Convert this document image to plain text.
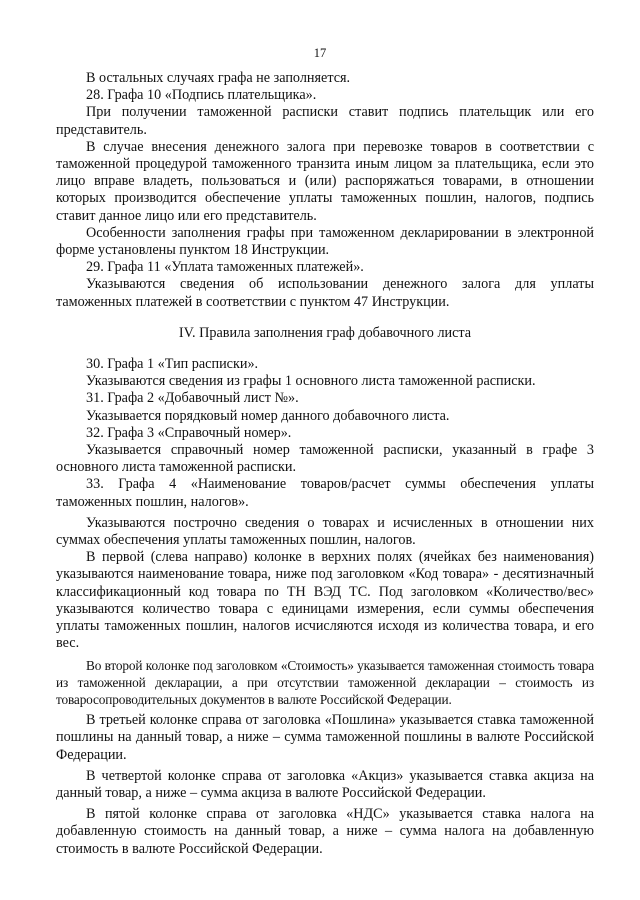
17

В остальных случаях графа не заполняется.

28. Графа 10 «Подпись плательщика».

При получении таможенной расписки ставит подпись плательщик или его представитель.

В случае внесения денежного залога при перевозке товаров в соответствии с таможенной процедурой таможенного транзита иным лицом за плательщика, если это лицо вправе владеть, пользоваться и (или) распоряжаться товарами, в отношении которых производится обеспечение уплаты таможенных пошлин, налогов, подпись ставит данное лицо или его представитель.

Особенности заполнения графы при таможенном декларировании в электронной форме установлены пунктом 18 Инструкции.

29. Графа 11 «Уплата таможенных платежей».

Указываются сведения об использовании денежного залога для уплаты таможенных платежей в соответствии с пунктом 47 Инструкции.

IV. Правила заполнения граф добавочного листа

30. Графа 1 «Тип расписки».

Указываются сведения из графы 1 основного листа таможенной расписки.

31. Графа 2 «Добавочный лист №».

Указывается порядковый номер данного добавочного листа.

32. Графа 3 «Справочный номер».

Указывается справочный номер таможенной расписки, указанный в графе 3 основного листа таможенной расписки.

33. Графа 4 «Наименование товаров/расчет суммы обеспечения уплаты таможенных пошлин, налогов».

Указываются построчно сведения о товарах и исчисленных в отношении них суммах обеспечения уплаты таможенных пошлин, налогов.

В первой (слева направо) колонке в верхних полях (ячейках без наименования) указываются наименование товара, ниже под заголовком «Код товара» - десятизначный классификационный код товара по ТН ВЭД ТС. Под заголовком «Количество/вес» указываются количество товара с единицами измерения, если суммы обеспечения уплаты таможенных пошлин, налогов исчисляются исходя из количества товара, и его вес.

Во второй колонке под заголовком «Стоимость» указывается таможенная стоимость товара из таможенной декларации, а при отсутствии таможенной декларации – стоимость из товаросопроводительных документов в валюте Российской Федерации.

В третьей колонке справа от заголовка «Пошлина» указывается ставка таможенной пошлины на данный товар, а ниже – сумма таможенной пошлины в валюте Российской Федерации.

В четвертой колонке справа от заголовка «Акциз» указывается ставка акциза на данный товар, а ниже – сумма акциза в валюте Российской Федерации.

В пятой колонке справа от заголовка «НДС» указывается ставка налога на добавленную стоимость на данный товар, а ниже – сумма налога на добавленную стоимость в валюте Российской Федерации.
